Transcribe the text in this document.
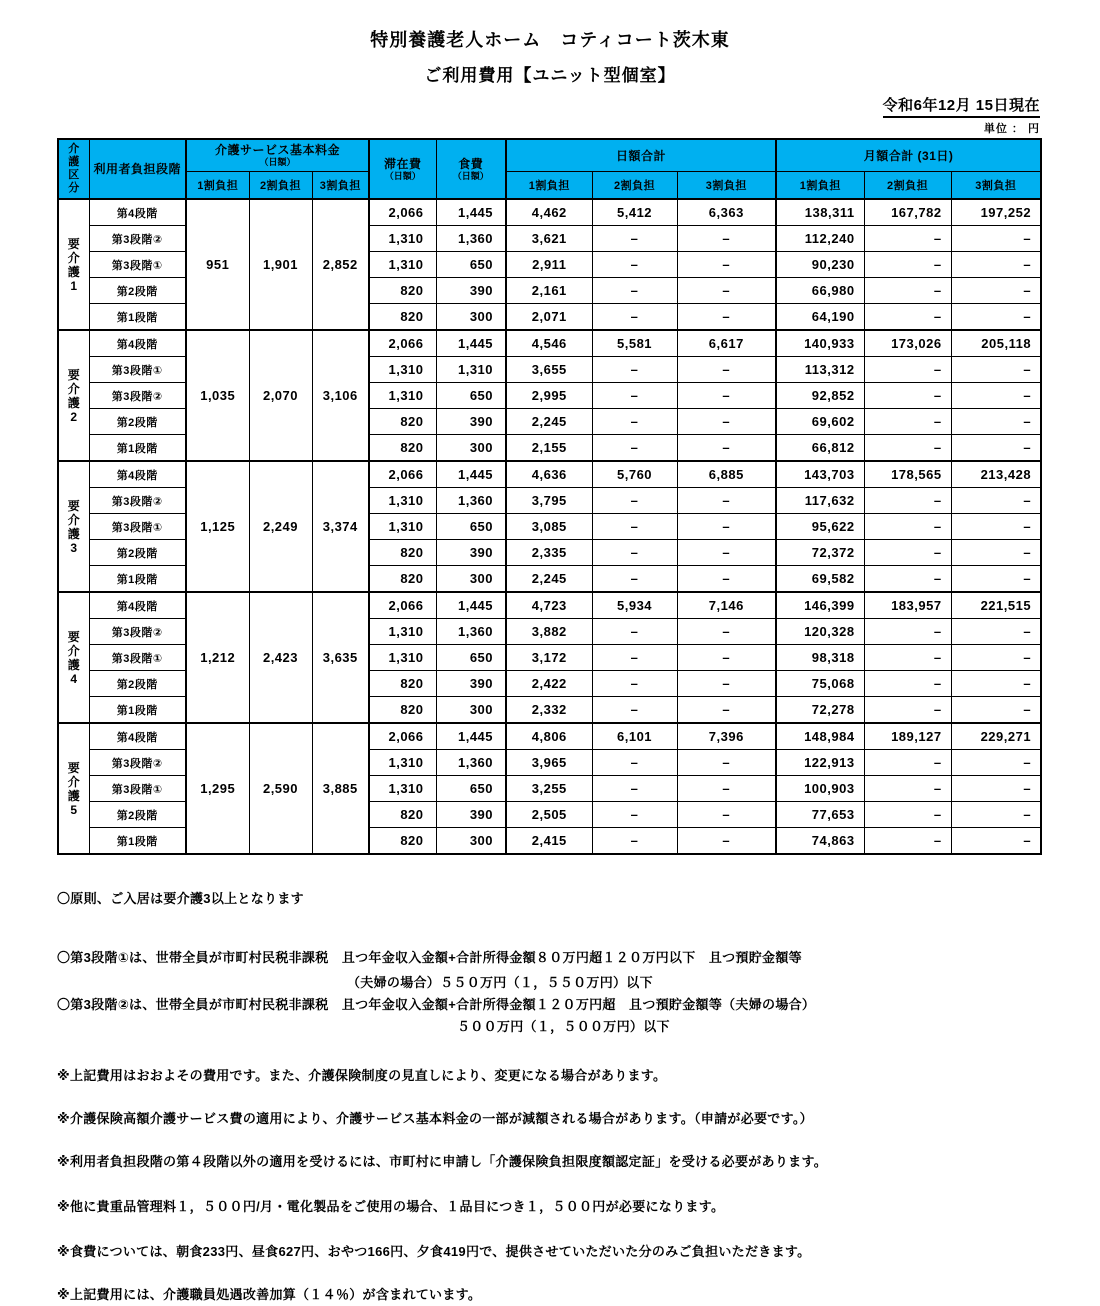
特別養護老人ホーム　コティコート茨木東
ご利用費用【ユニット型個室】
令和6年12月 15日現在
単位 ： 円
介護区分	利用者負担段階	介護サービス基本料金
（日額）			滞在費
（日額）	食費
（日額）	日額合計			月額合計 (31日)		
		1割負担	2割負担	3割負担			1割負担	2割負担	3割負担	1割負担	2割負担	3割負担

要
介
護
1	第4段階	951	1,901	2,852	2,066	1,445	4,462	5,412	6,363	138,311	167,782	197,252
	第3段階②				1,310	1,360	3,621	–	–	112,240	–	–
	第3段階①				1,310	650	2,911	–	–	90,230	–	–
	第2段階				820	390	2,161	–	–	66,980	–	–
	第1段階				820	300	2,071	–	–	64,190	–	–

要
介
護
2	第4段階	1,035	2,070	3,106	2,066	1,445	4,546	5,581	6,617	140,933	173,026	205,118
	第3段階①				1,310	1,310	3,655	–	–	113,312	–	–
	第3段階②				1,310	650	2,995	–	–	92,852	–	–
	第2段階				820	390	2,245	–	–	69,602	–	–
	第1段階				820	300	2,155	–	–	66,812	–	–

要
介
護
3	第4段階	1,125	2,249	3,374	2,066	1,445	4,636	5,760	6,885	143,703	178,565	213,428
	第3段階②				1,310	1,360	3,795	–	–	117,632	–	–
	第3段階①				1,310	650	3,085	–	–	95,622	–	–
	第2段階				820	390	2,335	–	–	72,372	–	–
	第1段階				820	300	2,245	–	–	69,582	–	–

要
介
護
4	第4段階	1,212	2,423	3,635	2,066	1,445	4,723	5,934	7,146	146,399	183,957	221,515
	第3段階②				1,310	1,360	3,882	–	–	120,328	–	–
	第3段階①				1,310	650	3,172	–	–	98,318	–	–
	第2段階				820	390	2,422	–	–	75,068	–	–
	第1段階				820	300	2,332	–	–	72,278	–	–

要
介
護
5	第4段階	1,295	2,590	3,885	2,066	1,445	4,806	6,101	7,396	148,984	189,127	229,271
	第3段階②				1,310	1,360	3,965	–	–	122,913	–	–
	第3段階①				1,310	650	3,255	–	–	100,903	–	–
	第2段階				820	390	2,505	–	–	77,653	–	–
	第1段階				820	300	2,415	–	–	74,863	–	–
〇原則、ご入居は要介護3以上となります
〇第3段階①は、世帯全員が市町村民税非課税　且つ年金収入金額+合計所得金額８０万円超１２０万円以下　且つ預貯金額等
（夫婦の場合）５５０万円（１，５５０万円）以下
〇第3段階②は、世帯全員が市町村民税非課税　且つ年金収入金額+合計所得金額１２０万円超　且つ預貯金額等（夫婦の場合）
５００万円（１，５００万円）以下
※上記費用はおおよその費用です。また、介護保険制度の見直しにより、変更になる場合があります。
※介護保険高額介護サービス費の適用により、介護サービス基本料金の一部が減額される場合があります。（申請が必要です。）
※利用者負担段階の第４段階以外の適用を受けるには、市町村に申請し「介護保険負担限度額認定証」を受ける必要があります。
※他に貴重品管理料１，５００円/月・電化製品をご使用の場合、１品目につき１，５００円が必要になります。
※食費については、朝食233円、昼食627円、おやつ166円、夕食419円で、提供させていただいた分のみご負担いただきます。
※上記費用には、介護職員処遇改善加算（１４％）が含まれています。
